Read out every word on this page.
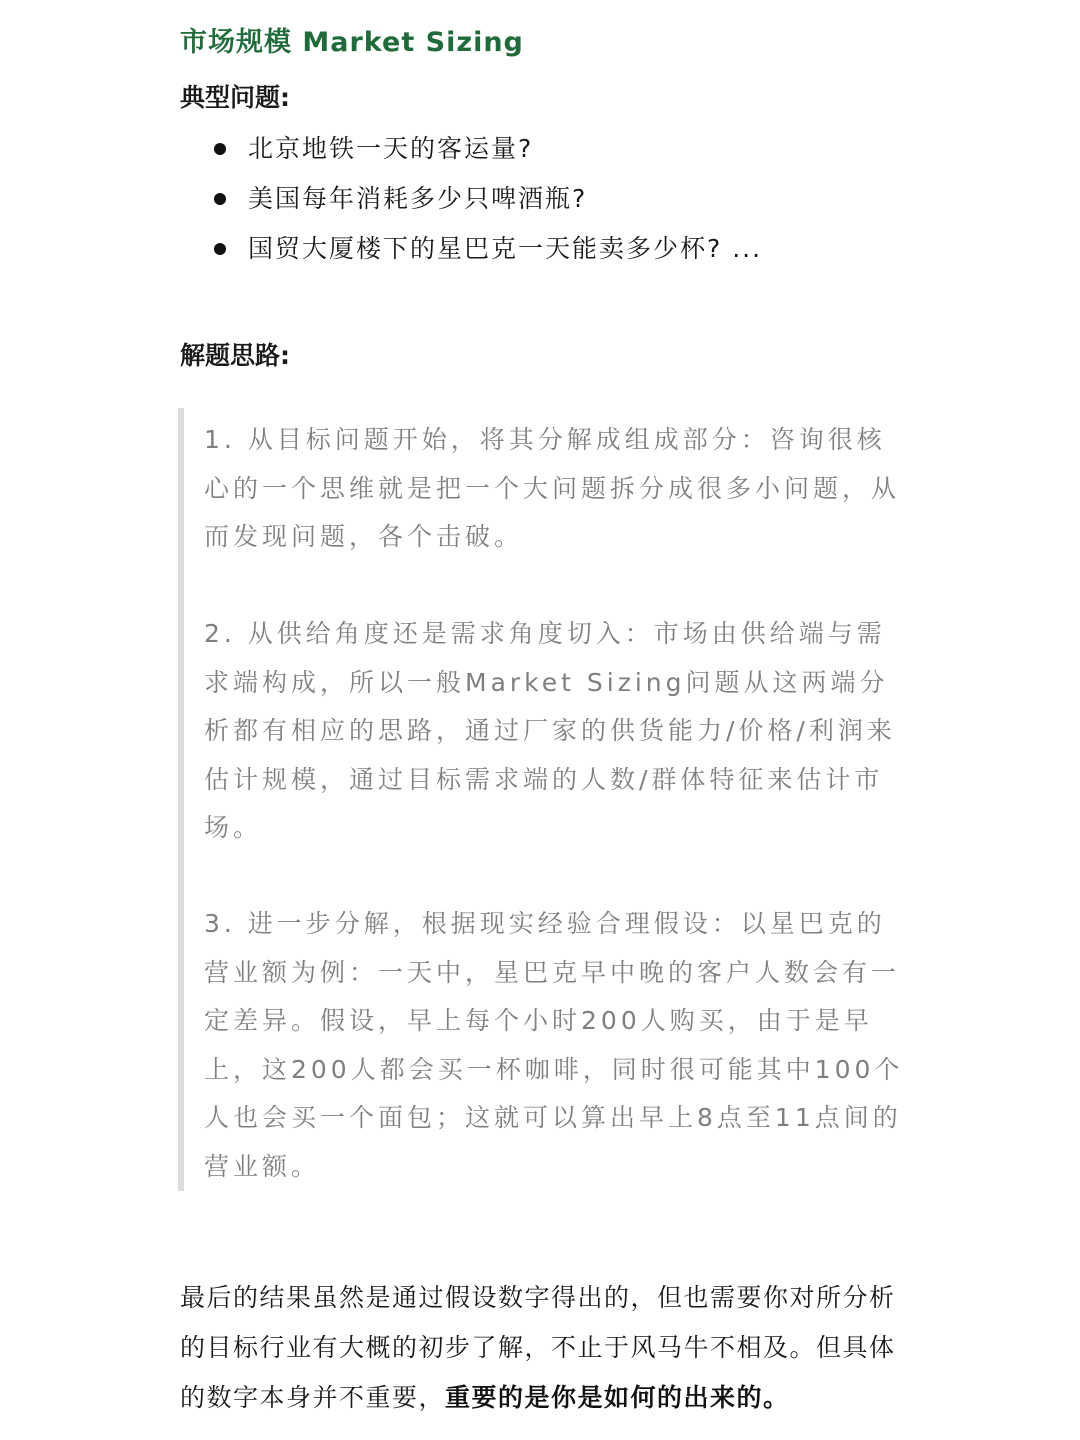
市场规模 Market Sizing
典型问题:
北京地铁一天的客运量?
美国每年消耗多少只啤酒瓶?
国贸大厦楼下的星巴克一天能卖多少杯? ...
解题思路:

1. 从目标问题开始，将其分解成组成部分：咨询很核心的一个思维就是把一个大问题拆分成很多小问题，从而发现问题，各个击破。

2. 从供给角度还是需求角度切入：市场由供给端与需求端构成，所以一般Market Sizing问题从这两端分析都有相应的思路，通过厂家的供货能力/价格/利润来估计规模，通过目标需求端的人数/群体特征来估计市场。

3. 进一步分解，根据现实经验合理假设：以星巴克的营业额为例：一天中，星巴克早中晚的客户人数会有一定差异。假设，早上每个小时200人购买，由于是早上，这200人都会买一杯咖啡，同时很可能其中100个人也会买一个面包；这就可以算出早上8点至11点间的营业额。

最后的结果虽然是通过假设数字得出的，但也需要你对所分析的目标行业有大概的初步了解，不止于风马牛不相及。但具体的数字本身并不重要，重要的是你是如何的出来的。
